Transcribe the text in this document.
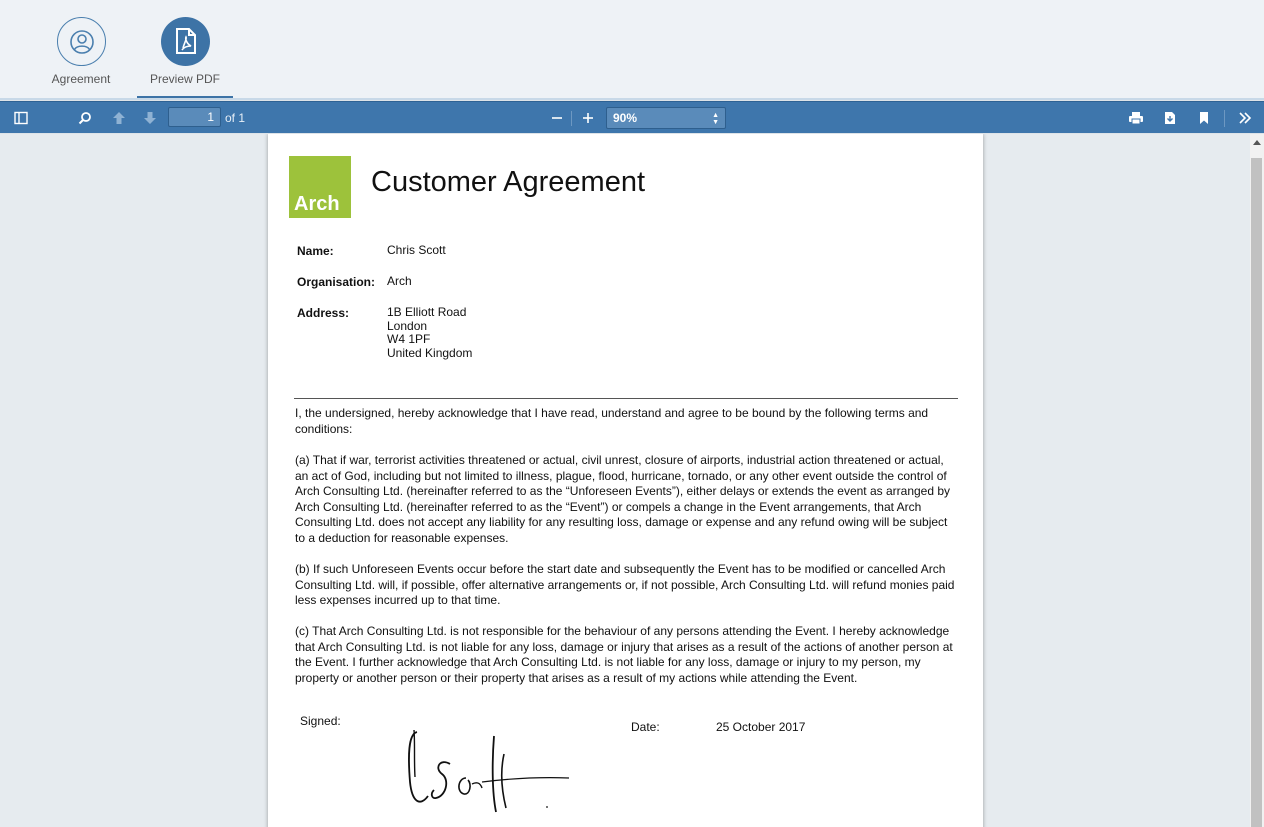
Agreement	Preview PDF
1 of 1	90%	▲
▼
Arch
Customer Agreement
Name:	Chris Scott
Organisation: Arch
Address:	1B Elliott Road
London
W4 1PF
United Kingdom

I, the undersigned, hereby acknowledge that I have read, understand and agree to be bound by the following terms and conditions:

(a) That if war, terrorist activities threatened or actual, civil unrest, closure of airports, industrial action threatened or actual, an act of God, including but not limited to illness, plague, flood, hurricane, tornado, or any other event outside the control of Arch Consulting Ltd. (hereinafter referred to as the “Unforeseen Events”), either delays or extends the event as arranged by Arch Consulting Ltd. (hereinafter referred to as the “Event”) or compels a change in the Event arrangements, that Arch Consulting Ltd. does not accept any liability for any resulting loss, damage or expense and any refund owing will be subject to a deduction for reasonable expenses.

(b) If such Unforeseen Events occur before the start date and subsequently the Event has to be modified or cancelled Arch Consulting Ltd. will, if possible, offer alternative arrangements or, if not possible, Arch Consulting Ltd. will refund monies paid less expenses incurred up to that time.

(c) That Arch Consulting Ltd. is not responsible for the behaviour of any persons attending the Event. I hereby acknowledge that Arch Consulting Ltd. is not liable for any loss, damage or injury that arises as a result of the actions of another person at the Event. I further acknowledge that Arch Consulting Ltd. is not liable for any loss, damage or injury to my person, my property or another person or their property that arises as a result of my actions while attending the Event.

Signed:	Date:	25 October 2017
